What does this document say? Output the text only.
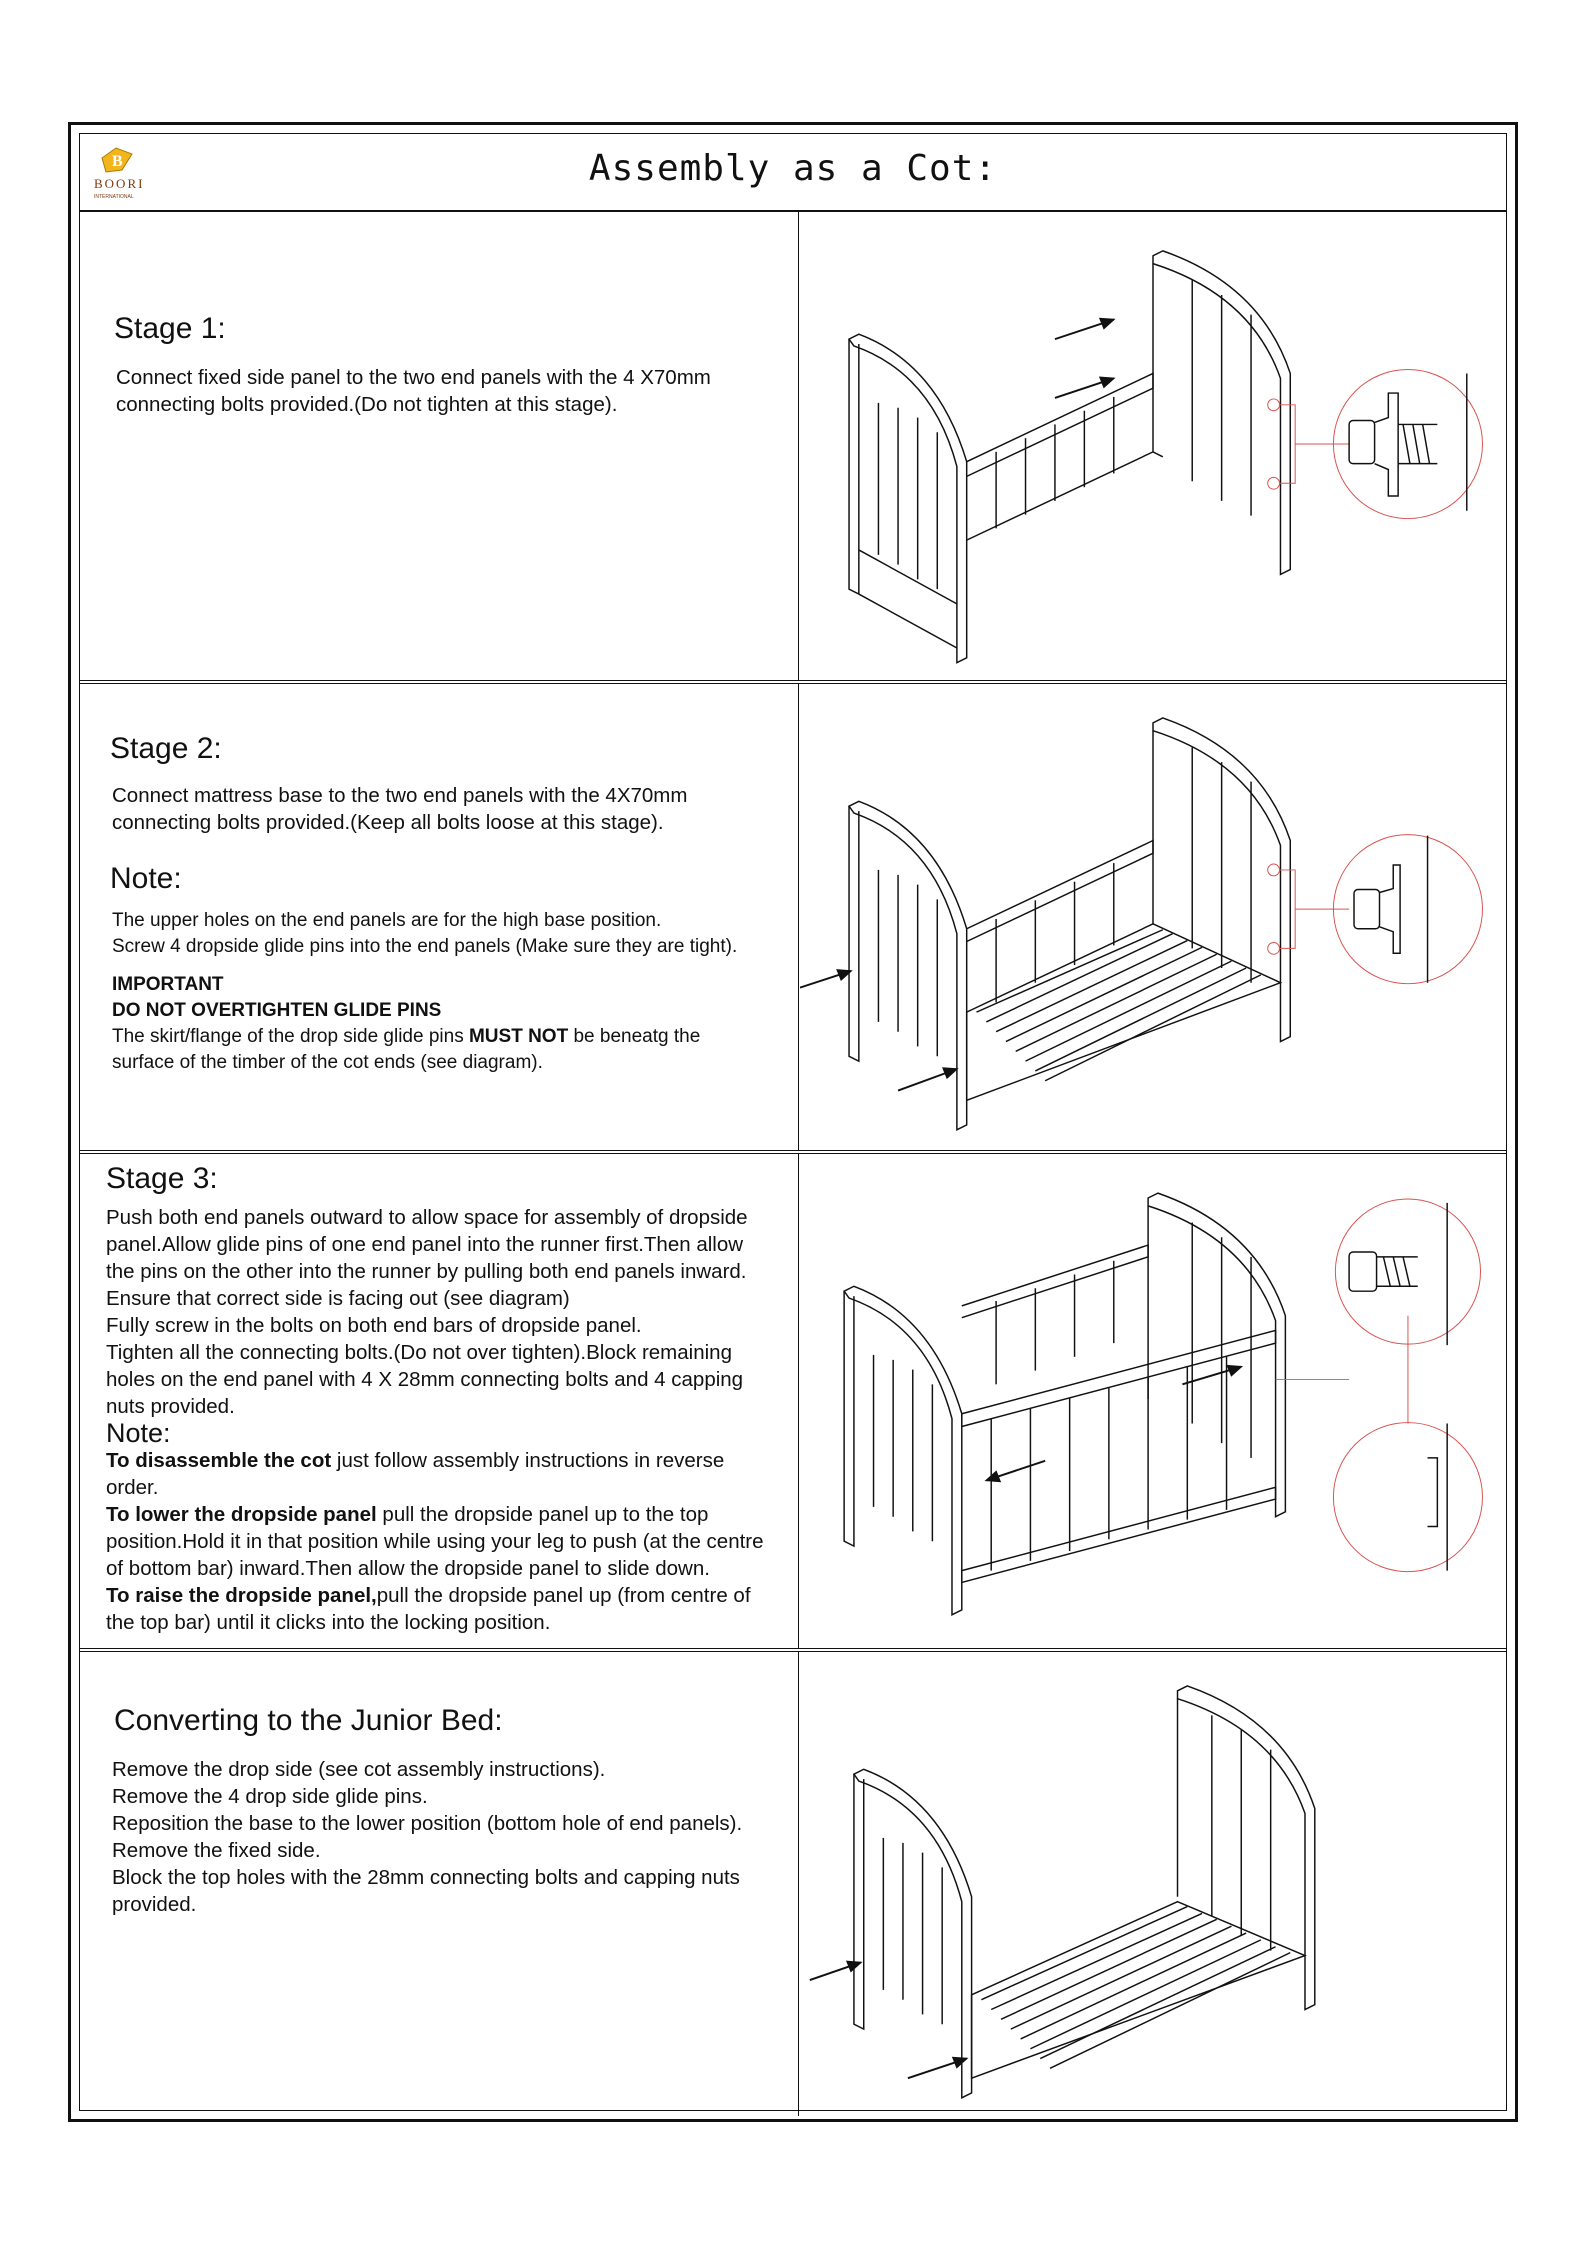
B
BOORI
INTERNATIONAL
Assembly as a Cot:
Stage 1:

Connect fixed side panel to the two end panels with the 4 X70mm

connecting bolts provided.(Do not tighten at this stage).

Stage 2:

Connect mattress base to the two end panels with the 4X70mm

connecting bolts provided.(Keep all bolts loose at this stage).

Note:

The upper holes on the end panels are for the high base position.

Screw 4 dropside glide pins into the end panels (Make sure they are tight).

IMPORTANT

DO NOT OVERTIGHTEN GLIDE PINS

The skirt/flange of the drop side glide pins MUST NOT be beneatg the

surface of the timber of the cot ends (see diagram).

Stage 3:

Push both end panels outward to allow space for assembly of dropside

panel.Allow glide pins of one end panel into the runner first.Then allow

the pins on the other into the runner by pulling both end panels inward.

Ensure that correct side is facing out (see diagram)

Fully screw in the bolts on both end bars of dropside panel.

Tighten all the connecting bolts.(Do not over tighten).Block remaining

holes on the end panel with 4 X 28mm connecting bolts and 4 capping

nuts provided.

Note:

To disassemble the cot just follow assembly instructions in reverse

order.

To lower the dropside panel pull the dropside panel up to the top

position.Hold it in that position while using your leg to push (at the centre

of bottom bar) inward.Then allow the dropside panel to slide down.

To raise the dropside panel,pull the dropside panel up (from centre of

the top bar) until it clicks into the locking position.

Converting to the Junior Bed:

Remove the drop side (see cot assembly instructions).

Remove the 4 drop side glide pins.

Reposition the base to the lower position (bottom hole of end panels).

Remove the fixed side.

Block the top holes with the 28mm connecting bolts and capping nuts

provided.
